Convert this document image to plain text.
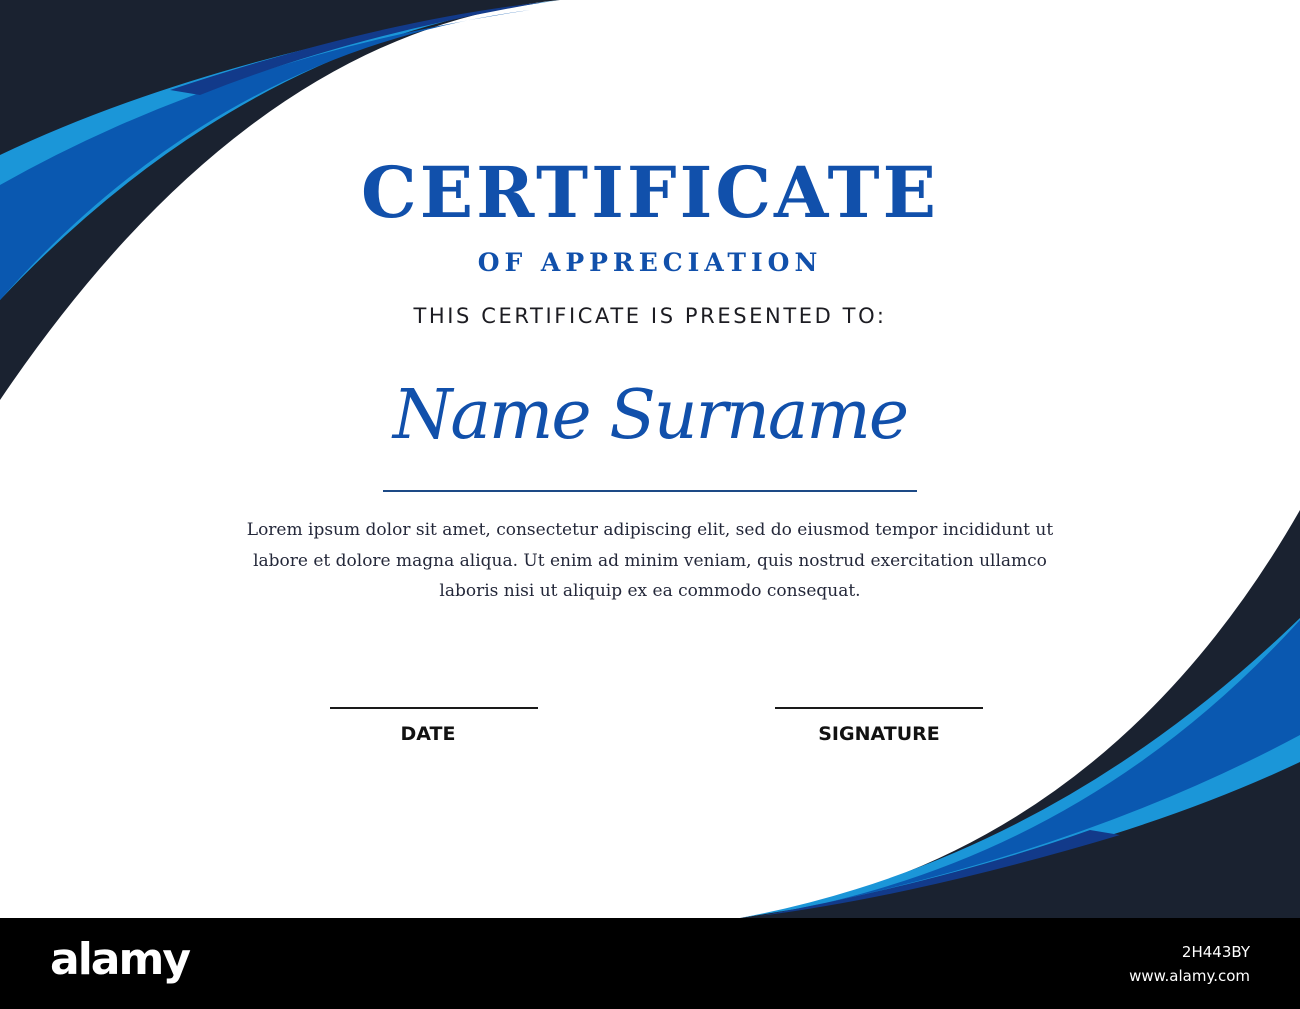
CERTIFICATE
OF APPRECIATION
THIS CERTIFICATE IS PRESENTED TO:
Name Surname
Lorem ipsum dolor sit amet, consectetur adipiscing elit, sed do eiusmod tempor incididunt ut labore et dolore magna aliqua. Ut enim ad minim veniam, quis nostrud exercitation ullamco laboris nisi ut aliquip ex ea commodo consequat.
DATE	SIGNATURE
alamy	2H443BY
www.alamy.com
